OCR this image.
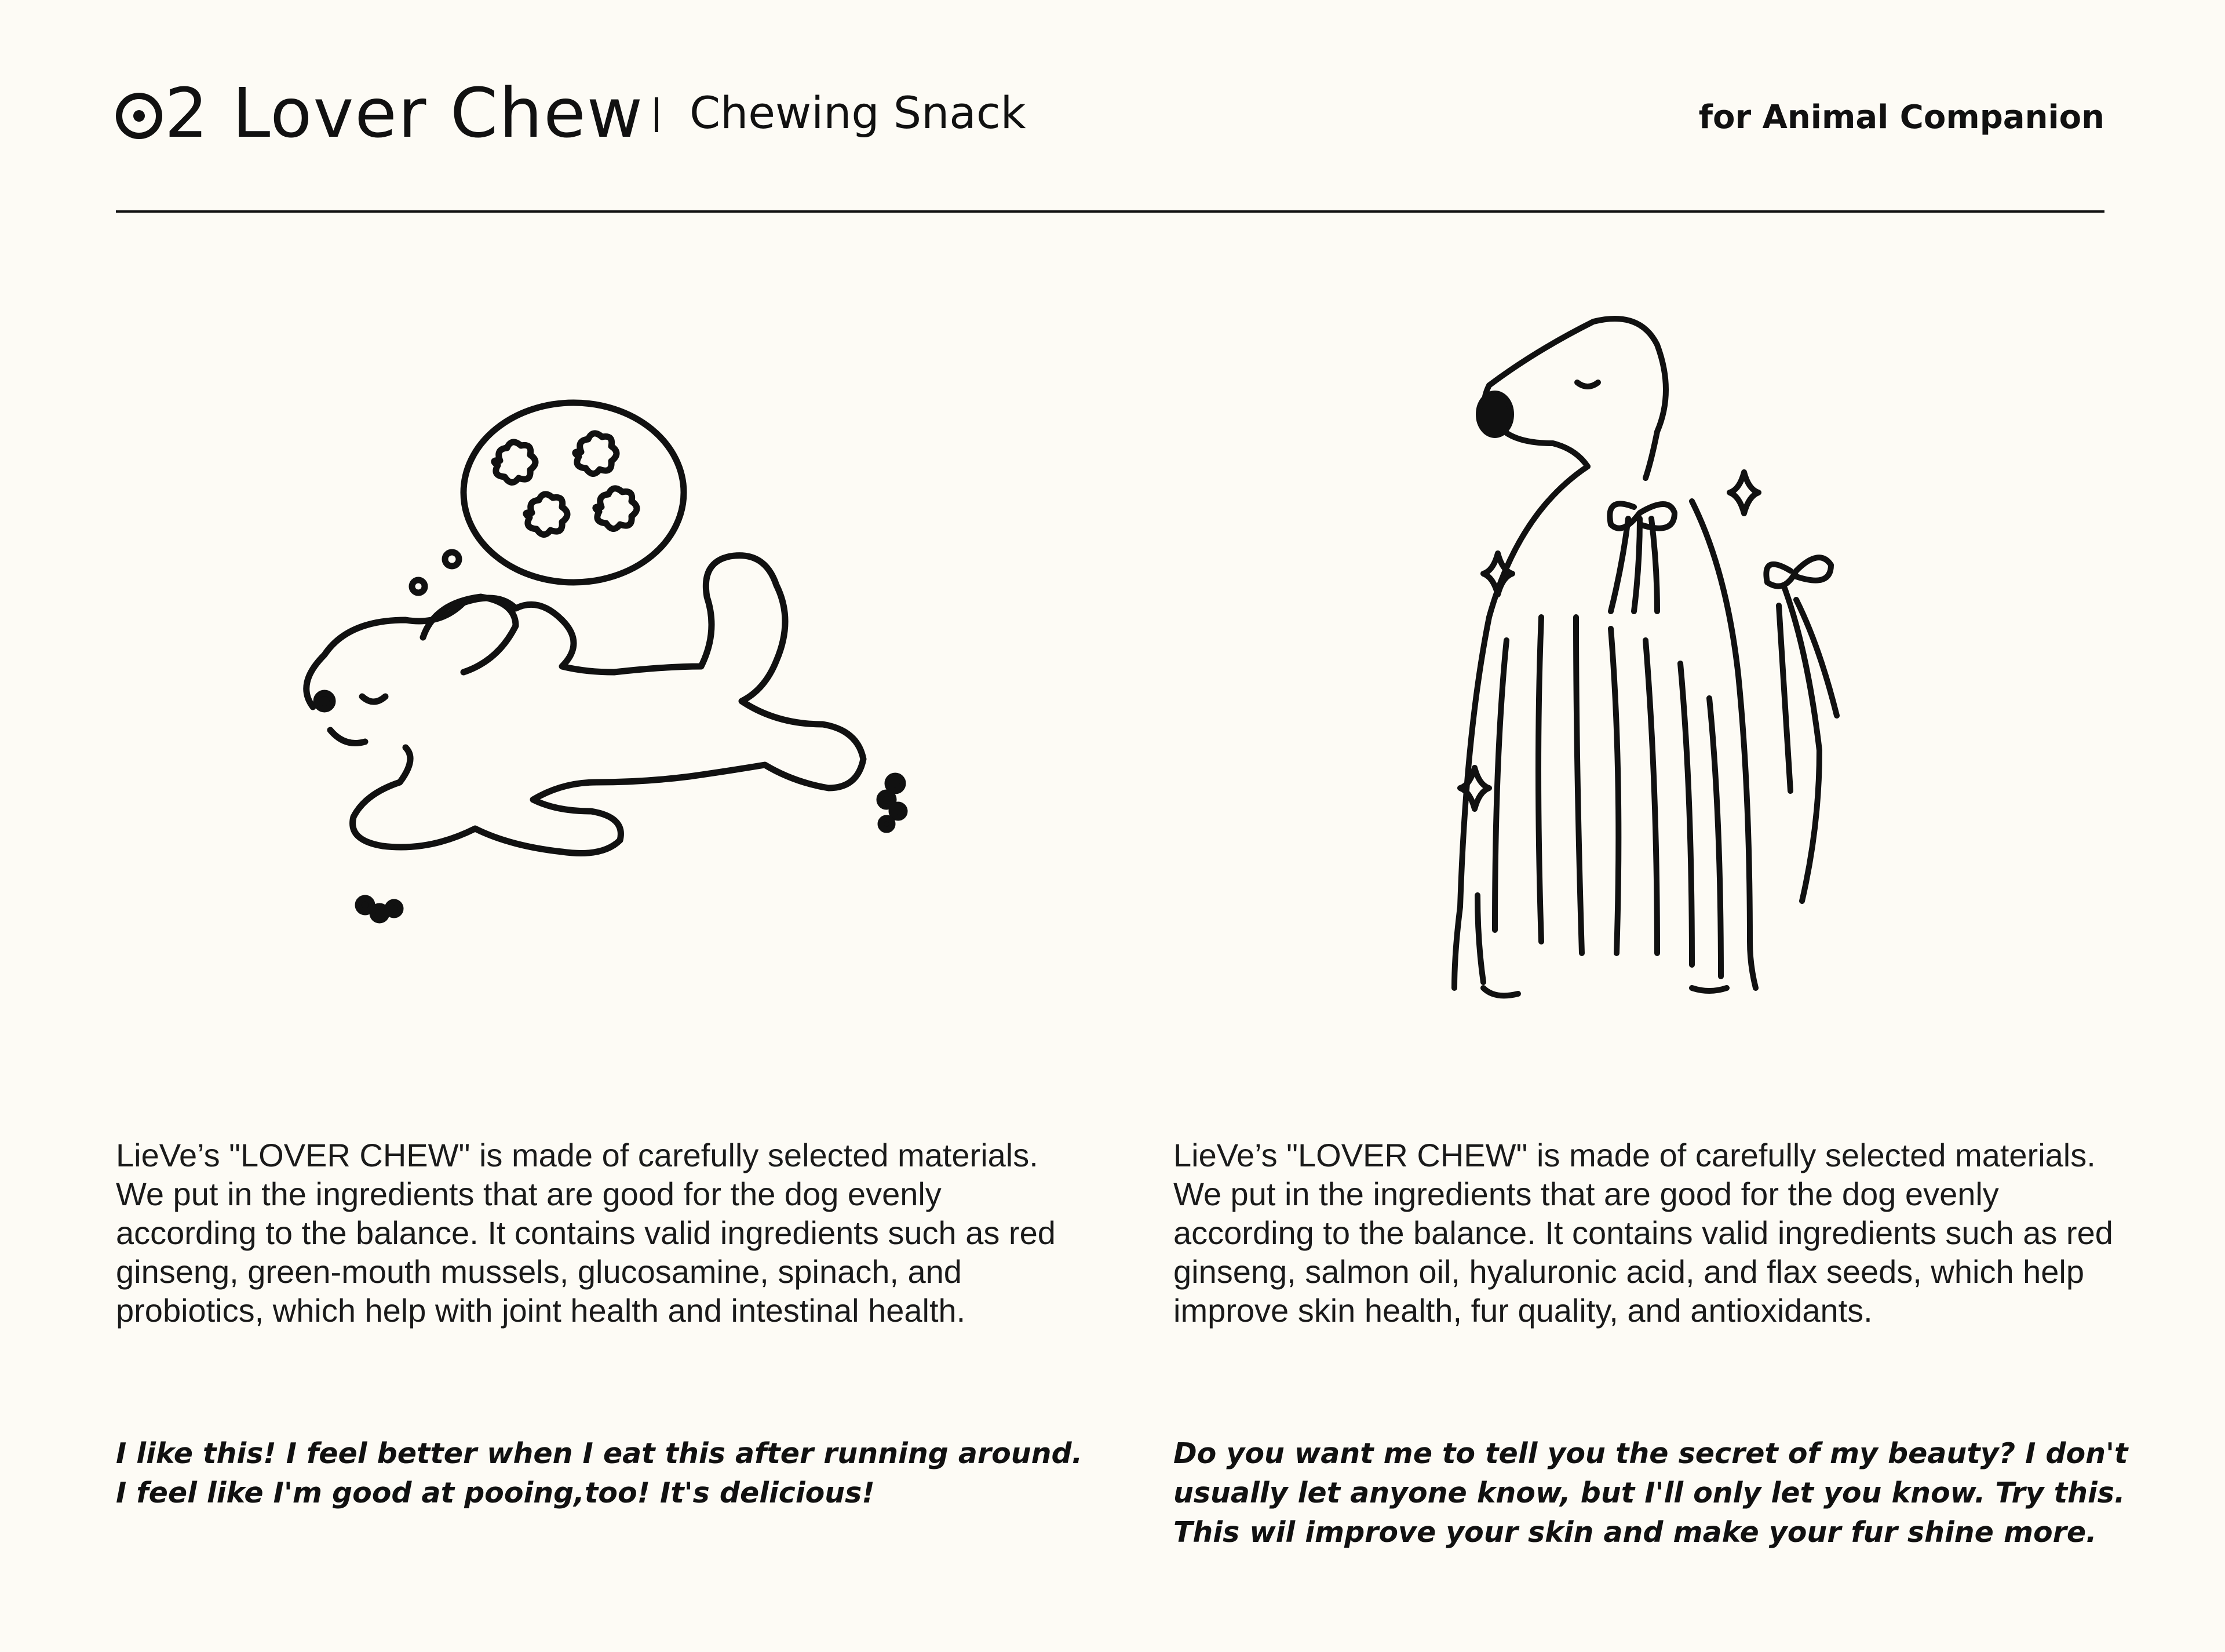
2 Lover Chew Chewing Snack	for Animal Companion

LieVe’s "LOVER CHEW" is made of carefully selected materials. We put in the ingredients that are good for the dog evenly according to the balance. It contains valid ingredients such as red ginseng, green-mouth mussels, glucosamine, spinach, and probiotics, which help with joint health and intestinal health.

I like this! I feel better when I eat this after running around. I feel like I'm good at pooing,too! It's delicious!

LieVe’s "LOVER CHEW" is made of carefully selected materials. We put in the ingredients that are good for the dog evenly according to the balance. It contains valid ingredients such as red ginseng, salmon oil, hyaluronic acid, and flax seeds, which help improve skin health, fur quality, and antioxidants.

Do you want me to tell you the secret of my beauty? I don't usually let anyone know, but I'll only let you know. Try this. This wil improve your skin and make your fur shine more.
